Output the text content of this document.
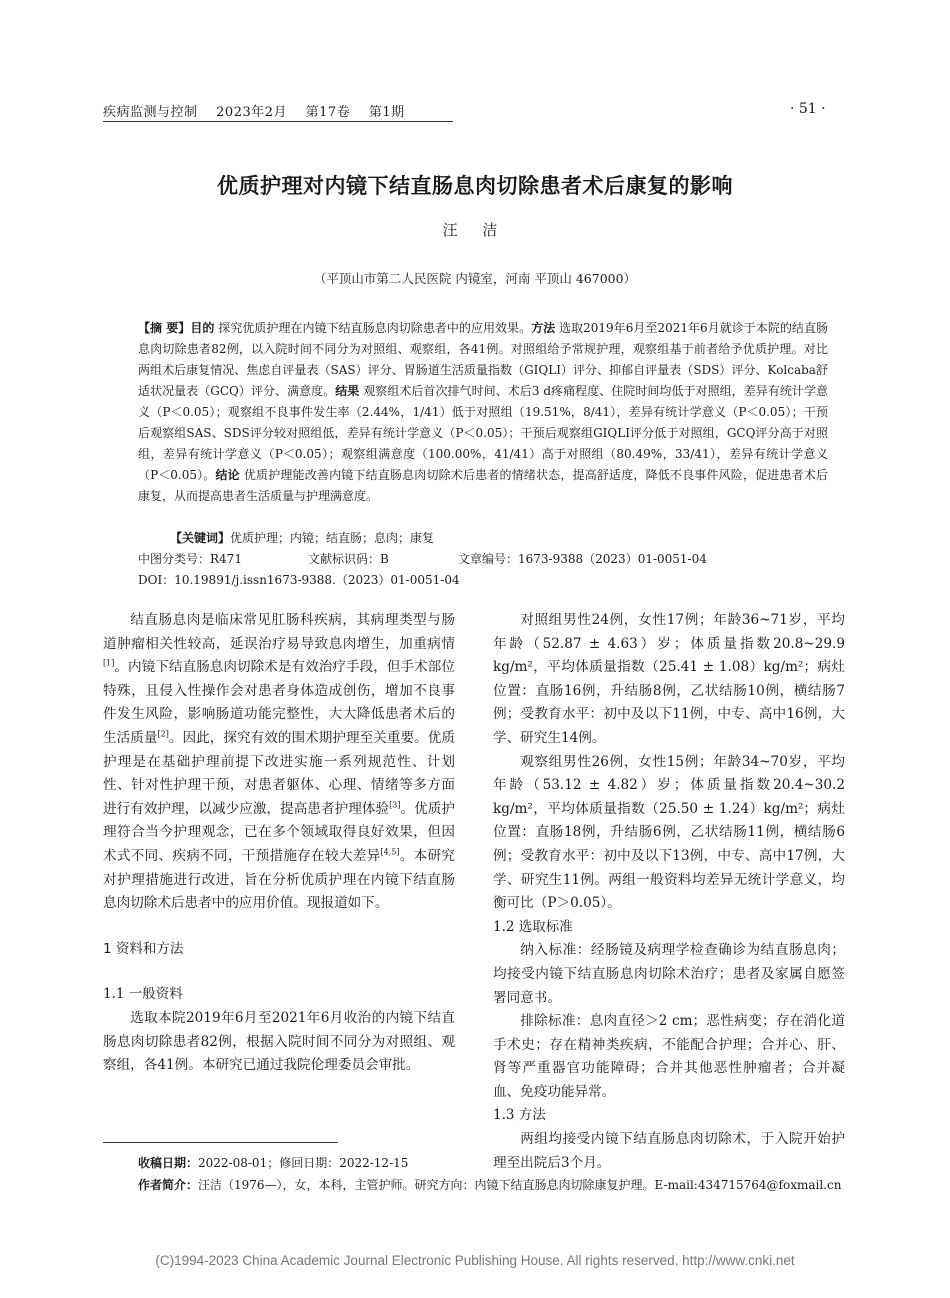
疾病监测与控制 2023年2月 第17卷 第1期	· 51 ·
优质护理对内镜下结直肠息肉切除患者术后康复的影响
汪 洁
（平顶山市第二人民医院 内镜室，河南 平顶山 467000）
【摘 要】目的 探究优质护理在内镜下结直肠息肉切除患者中的应用效果。方法 选取2019年6月至2021年6月就诊于本院的结直肠息肉切除患者82例，以入院时间不同分为对照组、观察组，各41例。对照组给予常规护理，观察组基于前者给予优质护理。对比两组术后康复情况、焦虑自评量表（SAS）评分、胃肠道生活质量指数（GIQLI）评分、抑郁自评量表（SDS）评分、Kolcaba舒适状况量表（GCQ）评分、满意度。结果 观察组术后首次排气时间、术后3 d疼痛程度、住院时间均低于对照组，差异有统计学意义（P＜0.05）；观察组不良事件发生率（2.44%，1/41）低于对照组（19.51%，8/41），差异有统计学意义（P＜0.05）；干预后观察组SAS、SDS评分较对照组低，差异有统计学意义（P＜0.05）；干预后观察组GIQLI评分低于对照组，GCQ评分高于对照组，差异有统计学意义（P＜0.05）；观察组满意度（100.00%，41/41）高于对照组（80.49%，33/41），差异有统计学意义（P＜0.05）。结论 优质护理能改善内镜下结直肠息肉切除术后患者的情绪状态，提高舒适度，降低不良事件风险，促进患者术后康复，从而提高患者生活质量与护理满意度。
【关键词】优质护理；内镜；结直肠；息肉；康复
中图分类号：R471	文献标识码：B	文章编号：1673-9388（2023）01-0051-04
DOI：10.19891/j.issn1673-9388.（2023）01-0051-04

结直肠息肉是临床常见肛肠科疾病，其病理类型与肠道肿瘤相关性较高，延误治疗易导致息肉增生，加重病情[1]。内镜下结直肠息肉切除术是有效治疗手段，但手术部位特殊，且侵入性操作会对患者身体造成创伤，增加不良事件发生风险，影响肠道功能完整性，大大降低患者术后的生活质量[2]。因此，探究有效的围术期护理至关重要。优质护理是在基础护理前提下改进实施一系列规范性、计划性、针对性护理干预，对患者躯体、心理、情绪等多方面进行有效护理，以减少应激，提高患者护理体验[3]。优质护理符合当今护理观念，已在多个领域取得良好效果，但因术式不同、疾病不同，干预措施存在较大差异[4,5]。本研究对护理措施进行改进，旨在分析优质护理在内镜下结直肠息肉切除术后患者中的应用价值。现报道如下。

1 资料和方法

1.1 一般资料

选取本院2019年6月至2021年6月收治的内镜下结直肠息肉切除患者82例，根据入院时间不同分为对照组、观察组，各41例。本研究已通过我院伦理委员会审批。

对照组男性24例，女性17例；年龄36~71岁，平均年龄（52.87 ± 4.63）岁；体质量指数20.8~29.9 kg/m²，平均体质量指数（25.41 ± 1.08）kg/m²；病灶位置：直肠16例，升结肠8例，乙状结肠10例，横结肠7例；受教育水平：初中及以下11例，中专、高中16例，大学、研究生14例。

观察组男性26例，女性15例；年龄34~70岁，平均年龄（53.12 ± 4.82）岁；体质量指数20.4~30.2 kg/m²，平均体质量指数（25.50 ± 1.24）kg/m²；病灶位置：直肠18例，升结肠6例，乙状结肠11例，横结肠6例；受教育水平：初中及以下13例，中专、高中17例，大学、研究生11例。两组一般资料均差异无统计学意义，均衡可比（P＞0.05）。

1.2 选取标准

纳入标准：经肠镜及病理学检查确诊为结直肠息肉；均接受内镜下结直肠息肉切除术治疗；患者及家属自愿签署同意书。

排除标准：息肉直径＞2 cm；恶性病变；存在消化道手术史；存在精神类疾病，不能配合护理；合并心、肝、肾等严重器官功能障碍；合并其他恶性肿瘤者；合并凝血、免疫功能异常。

1.3 方法

两组均接受内镜下结直肠息肉切除术，于入院开始护理至出院后3个月。

收稿日期：2022-08-01；修回日期：2022-12-15
作者简介：汪洁（1976—），女，本科，主管护师。研究方向：内镜下结直肠息肉切除康复护理。E-mail:434715764@foxmail.cn
(C)1994-2023 China Academic Journal Electronic Publishing House. All rights reserved. http://www.cnki.net
